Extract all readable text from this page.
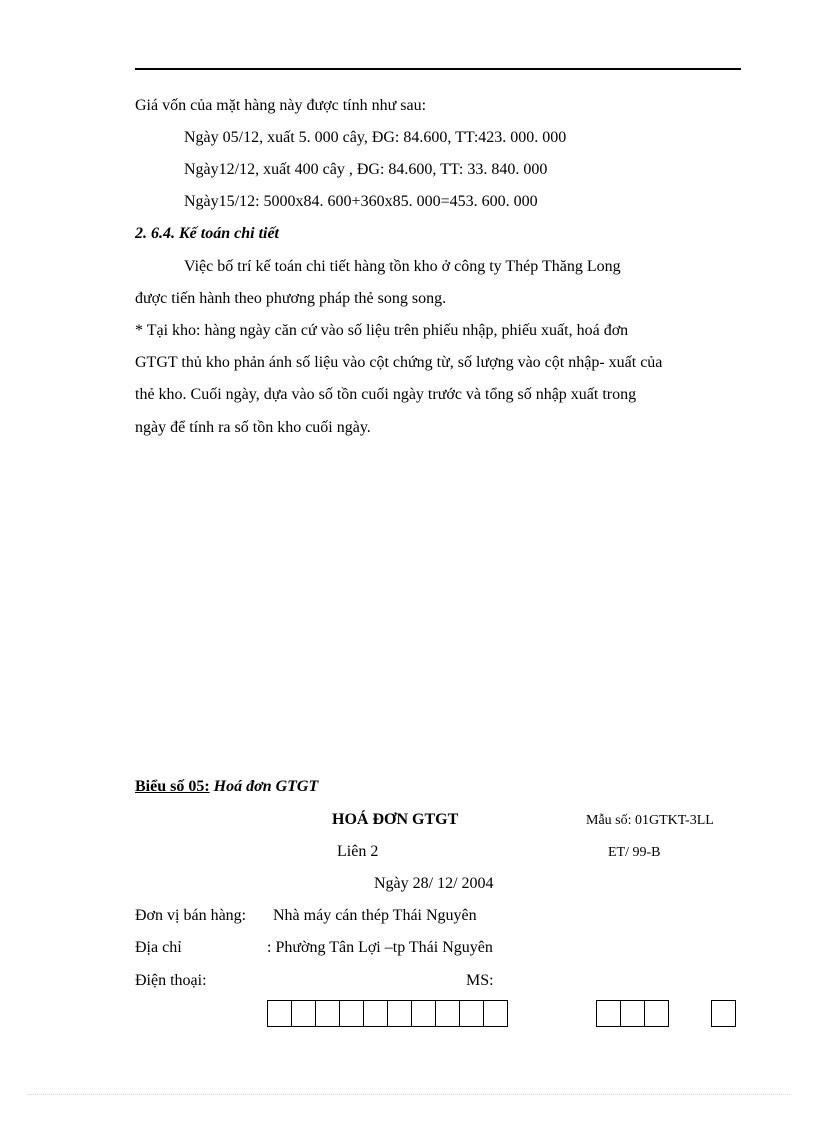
Giá vốn của mặt hàng này được tính như sau:
Ngày 05/12, xuất 5. 000 cây, ĐG: 84.600, TT:423. 000. 000
Ngày12/12, xuất 400 cây , ĐG: 84.600, TT: 33. 840. 000
Ngày15/12: 5000x84. 600+360x85. 000=453. 600. 000
2. 6.4. Kế toán chi tiết
Việc bố trí kế toán chi tiết hàng tồn kho ở công ty Thép Thăng Long
được tiến hành theo phương pháp thẻ song song.
* Tại kho: hàng ngày căn cứ vào số liệu trên phiếu nhập, phiếu xuất, hoá đơn
GTGT thủ kho phản ánh số liệu vào cột chứng từ, số lượng vào cột nhập- xuất của
thẻ kho. Cuối ngày, dựa vào số tồn cuối ngày trước và tổng số nhập xuất trong
ngày để tính ra số tồn kho cuối ngày.
Biểu số 05: Hoá đơn GTGT
HOÁ ĐƠN GTGT	Mẫu số: 01GTKT-3LL
Liên 2	ET/ 99-B
Ngày 28/ 12/ 2004
Đơn vị bán hàng: Nhà máy cán thép Thái Nguyên
Địa chỉ	: Phường Tân Lợi –tp Thái Nguyên
Điện thoại:	MS:
